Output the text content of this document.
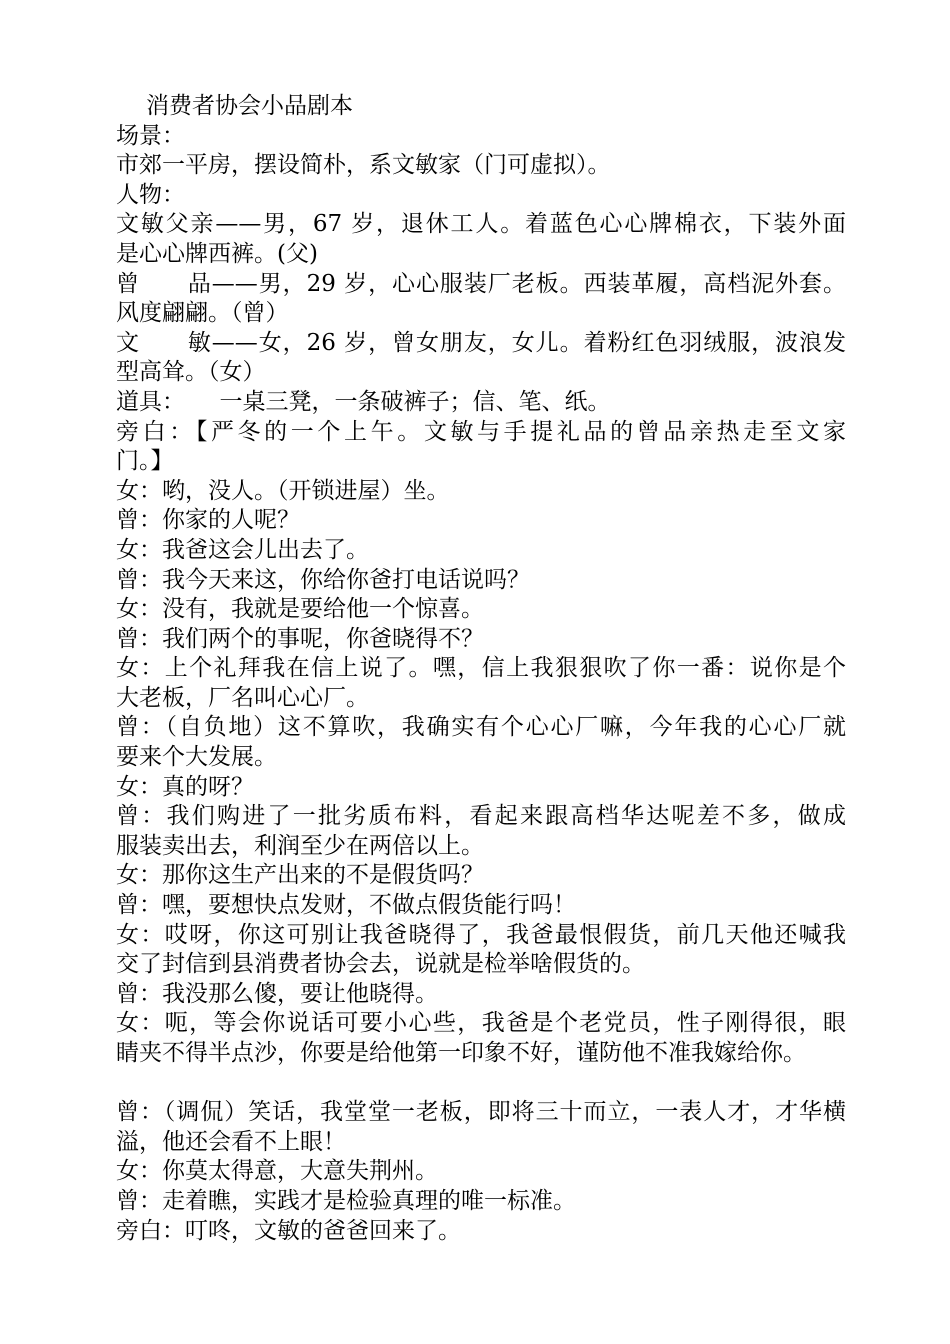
消费者协会小品剧本
场景：
市郊一平房，摆设简朴，系文敏家（门可虚拟）。
人物：
文敏父亲——男，67 岁，退休工人。着蓝色心心牌棉衣，下装外面
是心心牌西裤。(父)
曾　　品——男，29 岁，心心服装厂老板。西装革履，高档泥外套。
风度翩翩。（曾）
文　　敏——女，26 岁，曾女朋友，女儿。着粉红色羽绒服，波浪发
型高耸。（女）
道具：　　一桌三凳，一条破裤子；信、笔、纸。
旁白：【严冬的一个上午。文敏与手提礼品的曾品亲热走至文家
门。】
女：哟，没人。（开锁进屋）坐。
曾：你家的人呢？
女：我爸这会儿出去了。
曾：我今天来这，你给你爸打电话说吗？
女：没有，我就是要给他一个惊喜。
曾：我们两个的事呢，你爸晓得不？
女：上个礼拜我在信上说了。嘿，信上我狠狠吹了你一番：说你是个
大老板，厂名叫心心厂。
曾：（自负地）这不算吹，我确实有个心心厂嘛，今年我的心心厂就
要来个大发展。
女：真的呀？
曾：我们购进了一批劣质布料，看起来跟高档华达呢差不多，做成
服装卖出去，利润至少在两倍以上。
女：那你这生产出来的不是假货吗？
曾：嘿，要想快点发财，不做点假货能行吗！
女：哎呀，你这可别让我爸晓得了，我爸最恨假货，前几天他还喊我
交了封信到县消费者协会去，说就是检举啥假货的。
曾：我没那么傻，要让他晓得。
女：呃，等会你说话可要小心些，我爸是个老党员，性子刚得很，眼
睛夹不得半点沙，你要是给他第一印象不好，谨防他不准我嫁给你。
曾：（调侃）笑话，我堂堂一老板，即将三十而立，一表人才，才华横
溢，他还会看不上眼！
女：你莫太得意，大意失荆州。
曾：走着瞧，实践才是检验真理的唯一标准。
旁白：叮咚，文敏的爸爸回来了。
